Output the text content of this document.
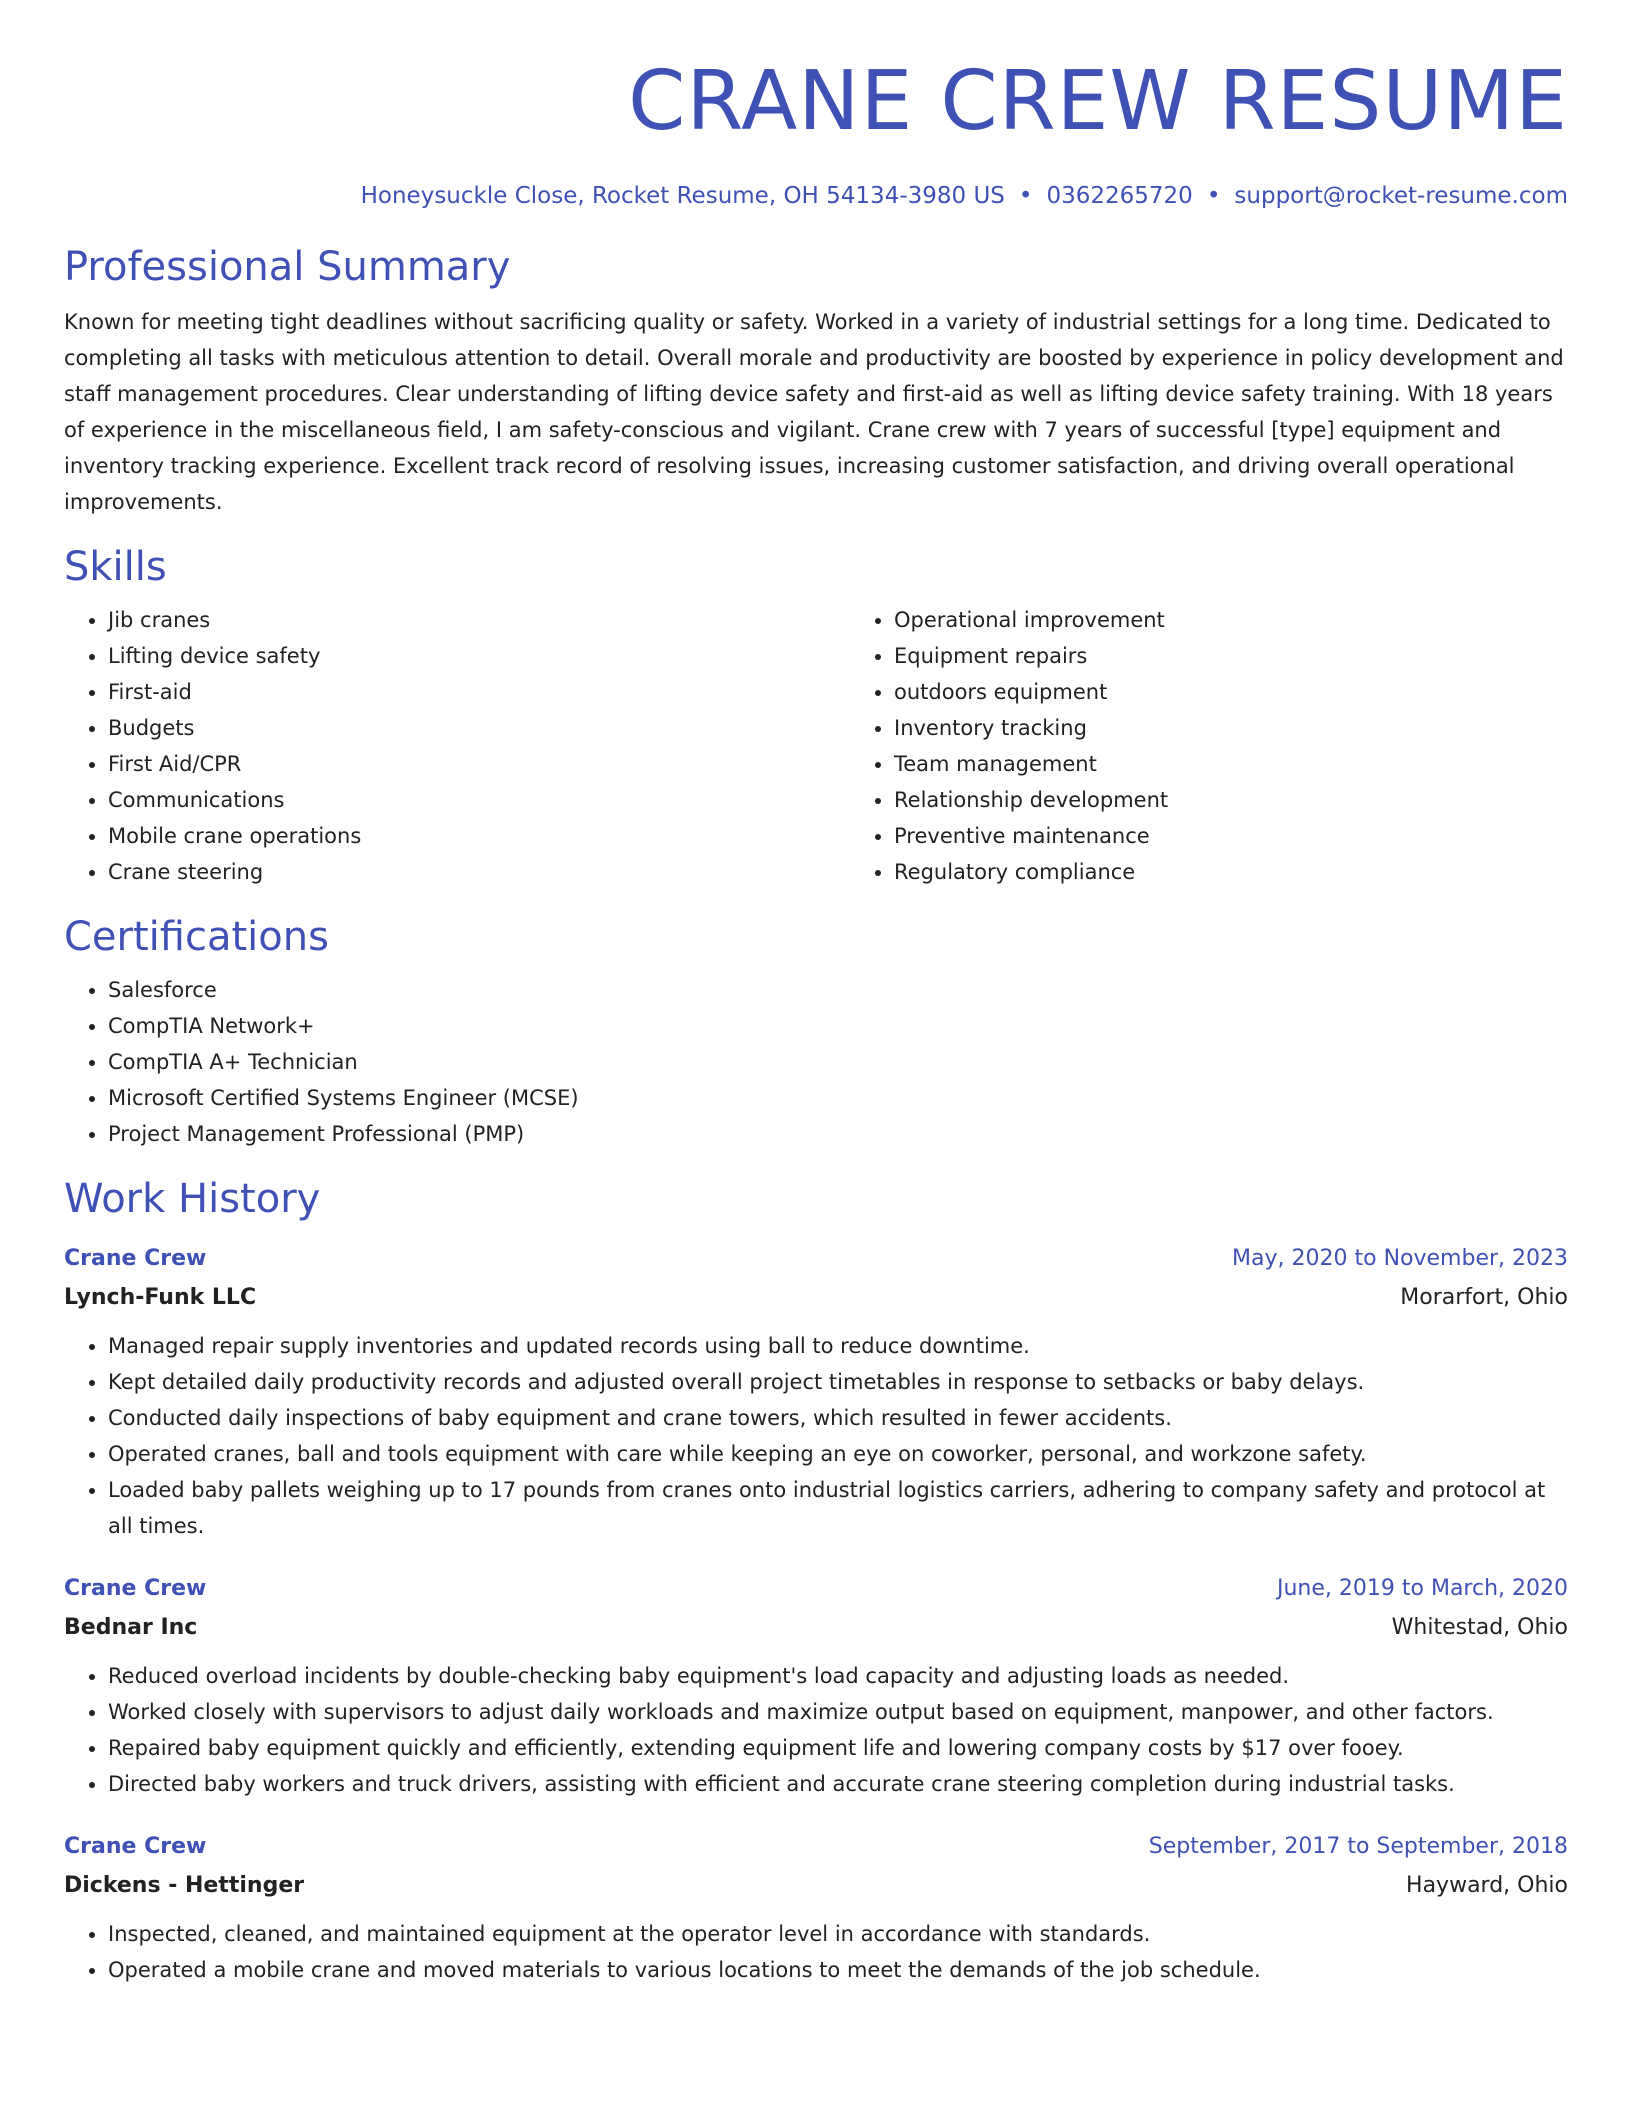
CRANE CREW RESUME
Honeysuckle Close, Rocket Resume, OH 54134-3980 US • 0362265720 • support@rocket-resume.com
Professional Summary

Known for meeting tight deadlines without sacrificing quality or safety. Worked in a variety of industrial settings for a long time. Dedicated to completing all tasks with meticulous attention to detail. Overall morale and productivity are boosted by experience in policy development and staff management procedures. Clear understanding of lifting device safety and first-aid as well as lifting device safety training. With 18 years of experience in the miscellaneous field, I am safety-conscious and vigilant. Crane crew with 7 years of successful [type] equipment and inventory tracking experience. Excellent track record of resolving issues, increasing customer satisfaction, and driving overall operational improvements.

Skills
• Jib cranes
• Lifting device safety
• First-aid
• Budgets
• First Aid/CPR
• Communications
• Mobile crane operations
• Crane steering
• Operational improvement
• Equipment repairs
• outdoors equipment
• Inventory tracking
• Team management
• Relationship development
• Preventive maintenance
• Regulatory compliance
Certifications
• Salesforce
• CompTIA Network+
• CompTIA A+ Technician
• Microsoft Certified Systems Engineer (MCSE)
• Project Management Professional (PMP)
Work History
Crane Crew	May, 2020 to November, 2023
Lynch-Funk LLC	Morarfort, Ohio
• Managed repair supply inventories and updated records using ball to reduce downtime.
• Kept detailed daily productivity records and adjusted overall project timetables in response to setbacks or baby delays.
• Conducted daily inspections of baby equipment and crane towers, which resulted in fewer accidents.
• Operated cranes, ball and tools equipment with care while keeping an eye on coworker, personal, and workzone safety.
• Loaded baby pallets weighing up to 17 pounds from cranes onto industrial logistics carriers, adhering to company safety and protocol at all times.
Crane Crew	June, 2019 to March, 2020
Bednar Inc	Whitestad, Ohio
• Reduced overload incidents by double-checking baby equipment's load capacity and adjusting loads as needed.
• Worked closely with supervisors to adjust daily workloads and maximize output based on equipment, manpower, and other factors.
• Repaired baby equipment quickly and efficiently, extending equipment life and lowering company costs by $17 over fooey.
• Directed baby workers and truck drivers, assisting with efficient and accurate crane steering completion during industrial tasks.
Crane Crew	September, 2017 to September, 2018
Dickens - Hettinger	Hayward, Ohio
• Inspected, cleaned, and maintained equipment at the operator level in accordance with standards.
• Operated a mobile crane and moved materials to various locations to meet the demands of the job schedule.
